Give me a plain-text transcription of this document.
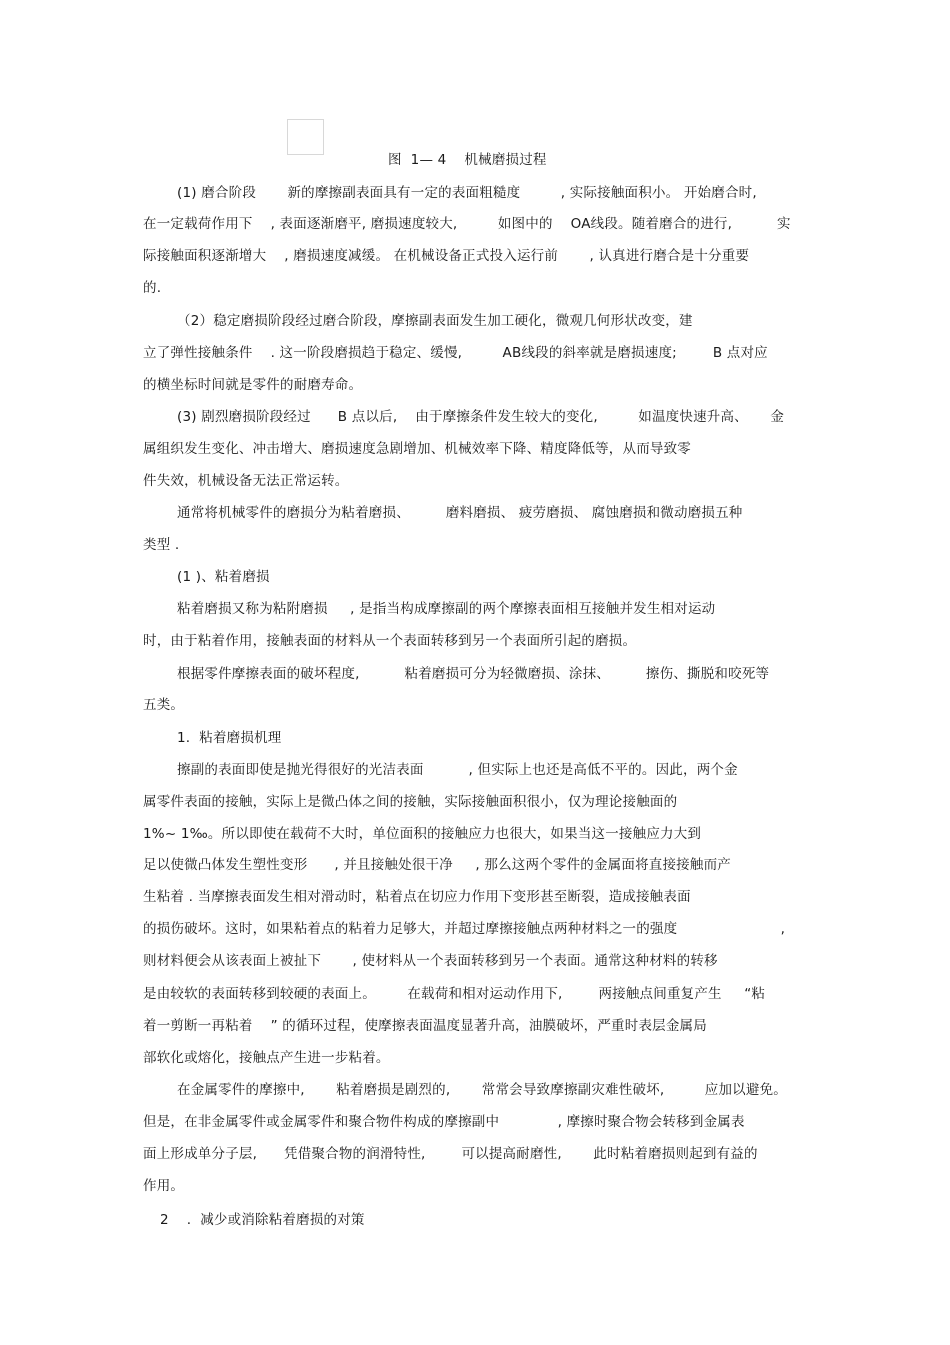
图  1— 4    机械磨损过程
(1) 磨合阶段       新的摩擦副表面具有一定的表面粗糙度         , 实际接触面积小。 开始磨合时,
在一定载荷作用下    , 表面逐渐磨平, 磨损速度较大,         如图中的    OA线段。随着磨合的进行,          实
际接触面积逐渐增大    , 磨损速度减缓。 在机械设备正式投入运行前       , 认真进行磨合是十分重要
的.
（2）稳定磨损阶段经过磨合阶段，摩擦副表面发生加工硬化，微观几何形状改变，建
立了弹性接触条件    . 这一阶段磨损趋于稳定、缓慢,         AB线段的斜率就是磨损速度;        B 点对应
的横坐标时间就是零件的耐磨寿命。
(3) 剧烈磨损阶段经过      B 点以后,    由于摩擦条件发生较大的变化,         如温度快速升高、     金
属组织发生变化、冲击增大、磨损速度急剧增加、机械效率下降、精度降低等，从而导致零
件失效，机械设备无法正常运转。
通常将机械零件的磨损分为粘着磨损、        磨料磨损、 疲劳磨损、 腐蚀磨损和微动磨损五种
类型 .
(1 )、粘着磨损
粘着磨损又称为粘附磨损     , 是指当构成摩擦副的两个摩擦表面相互接触并发生相对运动
时，由于粘着作用，接触表面的材料从一个表面转移到另一个表面所引起的磨损。
根据零件摩擦表面的破坏程度,          粘着磨损可分为轻微磨损、涂抹、        擦伤、撕脱和咬死等
五类。
1.  粘着磨损机理
擦副的表面即使是抛光得很好的光洁表面          , 但实际上也还是高低不平的。因此，两个金
属零件表面的接触，实际上是微凸体之间的接触，实际接触面积很小，仅为理论接触面的
1%~ 1‰。所以即使在载荷不大时，单位面积的接触应力也很大，如果当这一接触应力大到
足以使微凸体发生塑性变形      , 并且接触处很干净     , 那么这两个零件的金属面将直接接触而产
生粘着 . 当摩擦表面发生相对滑动时，粘着点在切应力作用下变形甚至断裂，造成接触表面
的损伤破坏。这时，如果粘着点的粘着力足够大，并超过摩擦接触点两种材料之一的强度                       ,
则材料便会从该表面上被扯下       , 使材料从一个表面转移到另一个表面。通常这种材料的转移
是由较软的表面转移到较硬的表面上。       在载荷和相对运动作用下,        两接触点间重复产生     “粘
着一剪断一再粘着    ” 的循环过程，使摩擦表面温度显著升高，油膜破坏，严重时表层金属局
部软化或熔化，接触点产生进一步粘着。
在金属零件的摩擦中,       粘着磨损是剧烈的,       常常会导致摩擦副灾难性破坏,         应加以避免。
但是，在非金属零件或金属零件和聚合物件构成的摩擦副中             , 摩擦时聚合物会转移到金属表
面上形成单分子层,      凭借聚合物的润滑特性,        可以提高耐磨性,       此时粘着磨损则起到有益的
作用。
2    .  减少或消除粘着磨损的对策
